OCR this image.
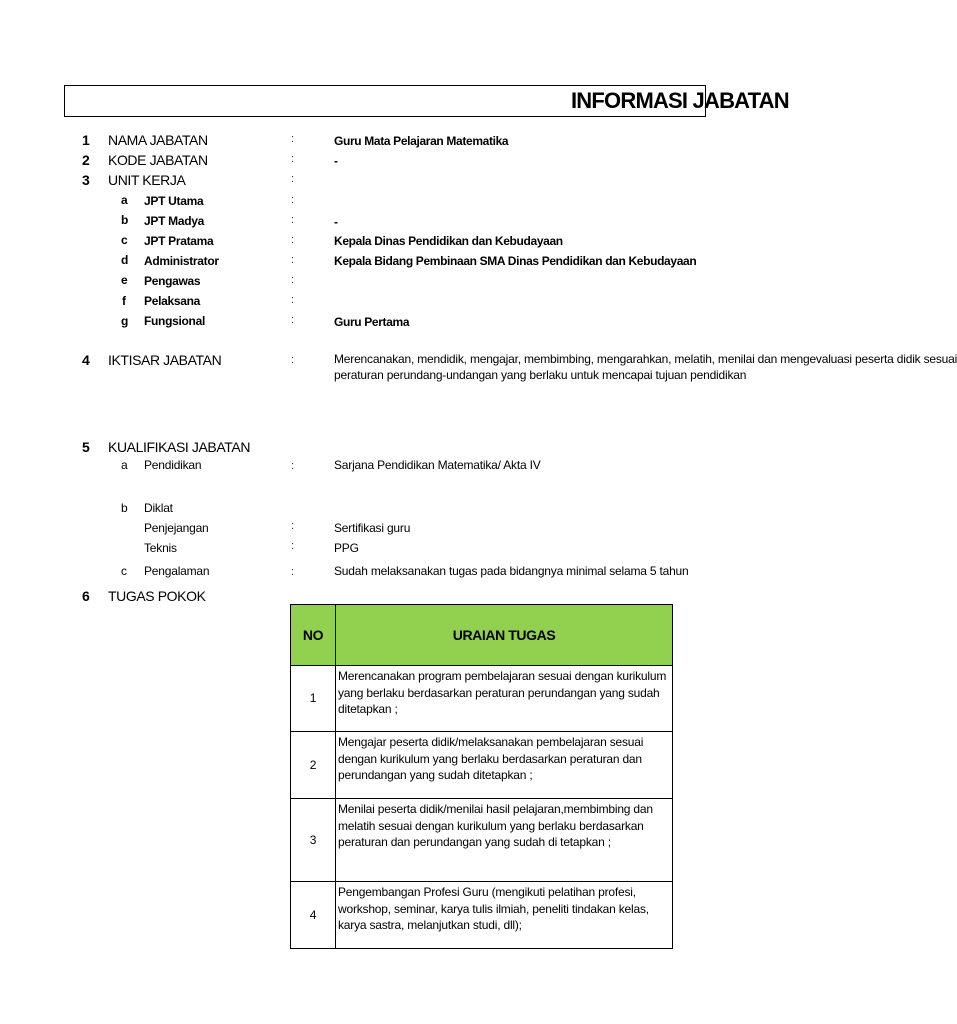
INFORMASI JABATAN
1 NAMA JABATAN	:	Guru Mata Pelajaran Matematika
2 KODE JABATAN	:	-
3 UNIT KERJA	:
a JPT Utama	:
b JPT Madya	:	-
c JPT Pratama	:	Kepala Dinas Pendidikan dan Kebudayaan
d Administrator	:	Kepala Bidang Pembinaan SMA Dinas Pendidikan dan Kebudayaan
e Pengawas	:
f Pelaksana	:
g Fungsional	:	Guru Pertama
4 IKTISAR JABATAN	:	Merencanakan, mendidik, mengajar, membimbing, mengarahkan, melatih, menilai dan mengevaluasi peserta didik sesuai
peraturan perundang-undangan yang berlaku untuk mencapai tujuan pendidikan
5 KUALIFIKASI JABATAN
a Pendidikan	:	Sarjana Pendidikan Matematika/ Akta IV
b Diklat
Penjejangan	:	Sertifikasi guru
Teknis	:	PPG
c Pengalaman	:	Sudah melaksanakan tugas pada bidangnya minimal selama 5 tahun
6 TUGAS POKOK
NO	URAIAN TUGAS
1	Merencanakan program pembelajaran sesuai dengan kurikulum yang berlaku berdasarkan peraturan perundangan yang sudah ditetapkan ;
2	Mengajar peserta didik/melaksanakan pembelajaran sesuai dengan kurikulum yang berlaku berdasarkan peraturan dan perundangan yang sudah ditetapkan ;
3	Menilai peserta didik/menilai hasil pelajaran,membimbing dan melatih sesuai dengan kurikulum yang berlaku berdasarkan peraturan dan perundangan yang sudah di tetapkan ;
4	Pengembangan Profesi Guru (mengikuti pelatihan profesi, workshop, seminar, karya tulis ilmiah, peneliti tindakan kelas, karya sastra, melanjutkan studi, dll);
